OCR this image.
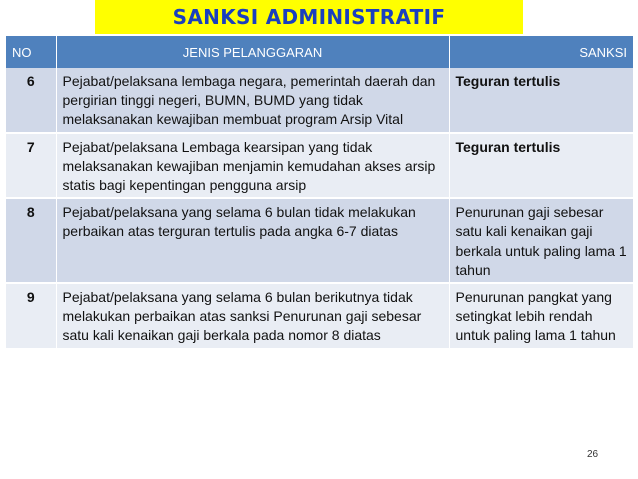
SANKSI ADMINISTRATIF
NO	JENIS PELANGGARAN	SANKSI
6	Pejabat/pelaksana lembaga negara, pemerintah daerah dan pergirian tinggi negeri, BUMN, BUMD yang tidak melaksanakan kewajiban membuat program Arsip Vital	Teguran tertulis
7	Pejabat/pelaksana Lembaga kearsipan yang tidak melaksanakan kewajiban menjamin kemudahan akses arsip statis bagi kepentingan pengguna arsip	Teguran tertulis
8	Pejabat/pelaksana yang selama 6 bulan tidak melakukan perbaikan atas terguran tertulis pada angka 6-7 diatas	Penurunan gaji sebesar satu kali kenaikan gaji berkala untuk paling lama 1 tahun
9	Pejabat/pelaksana yang selama 6 bulan berikutnya tidak melakukan perbaikan atas sanksi Penurunan gaji sebesar satu kali kenaikan gaji berkala pada nomor 8 diatas	Penurunan pangkat yang setingkat lebih rendah untuk paling lama 1 tahun
26
